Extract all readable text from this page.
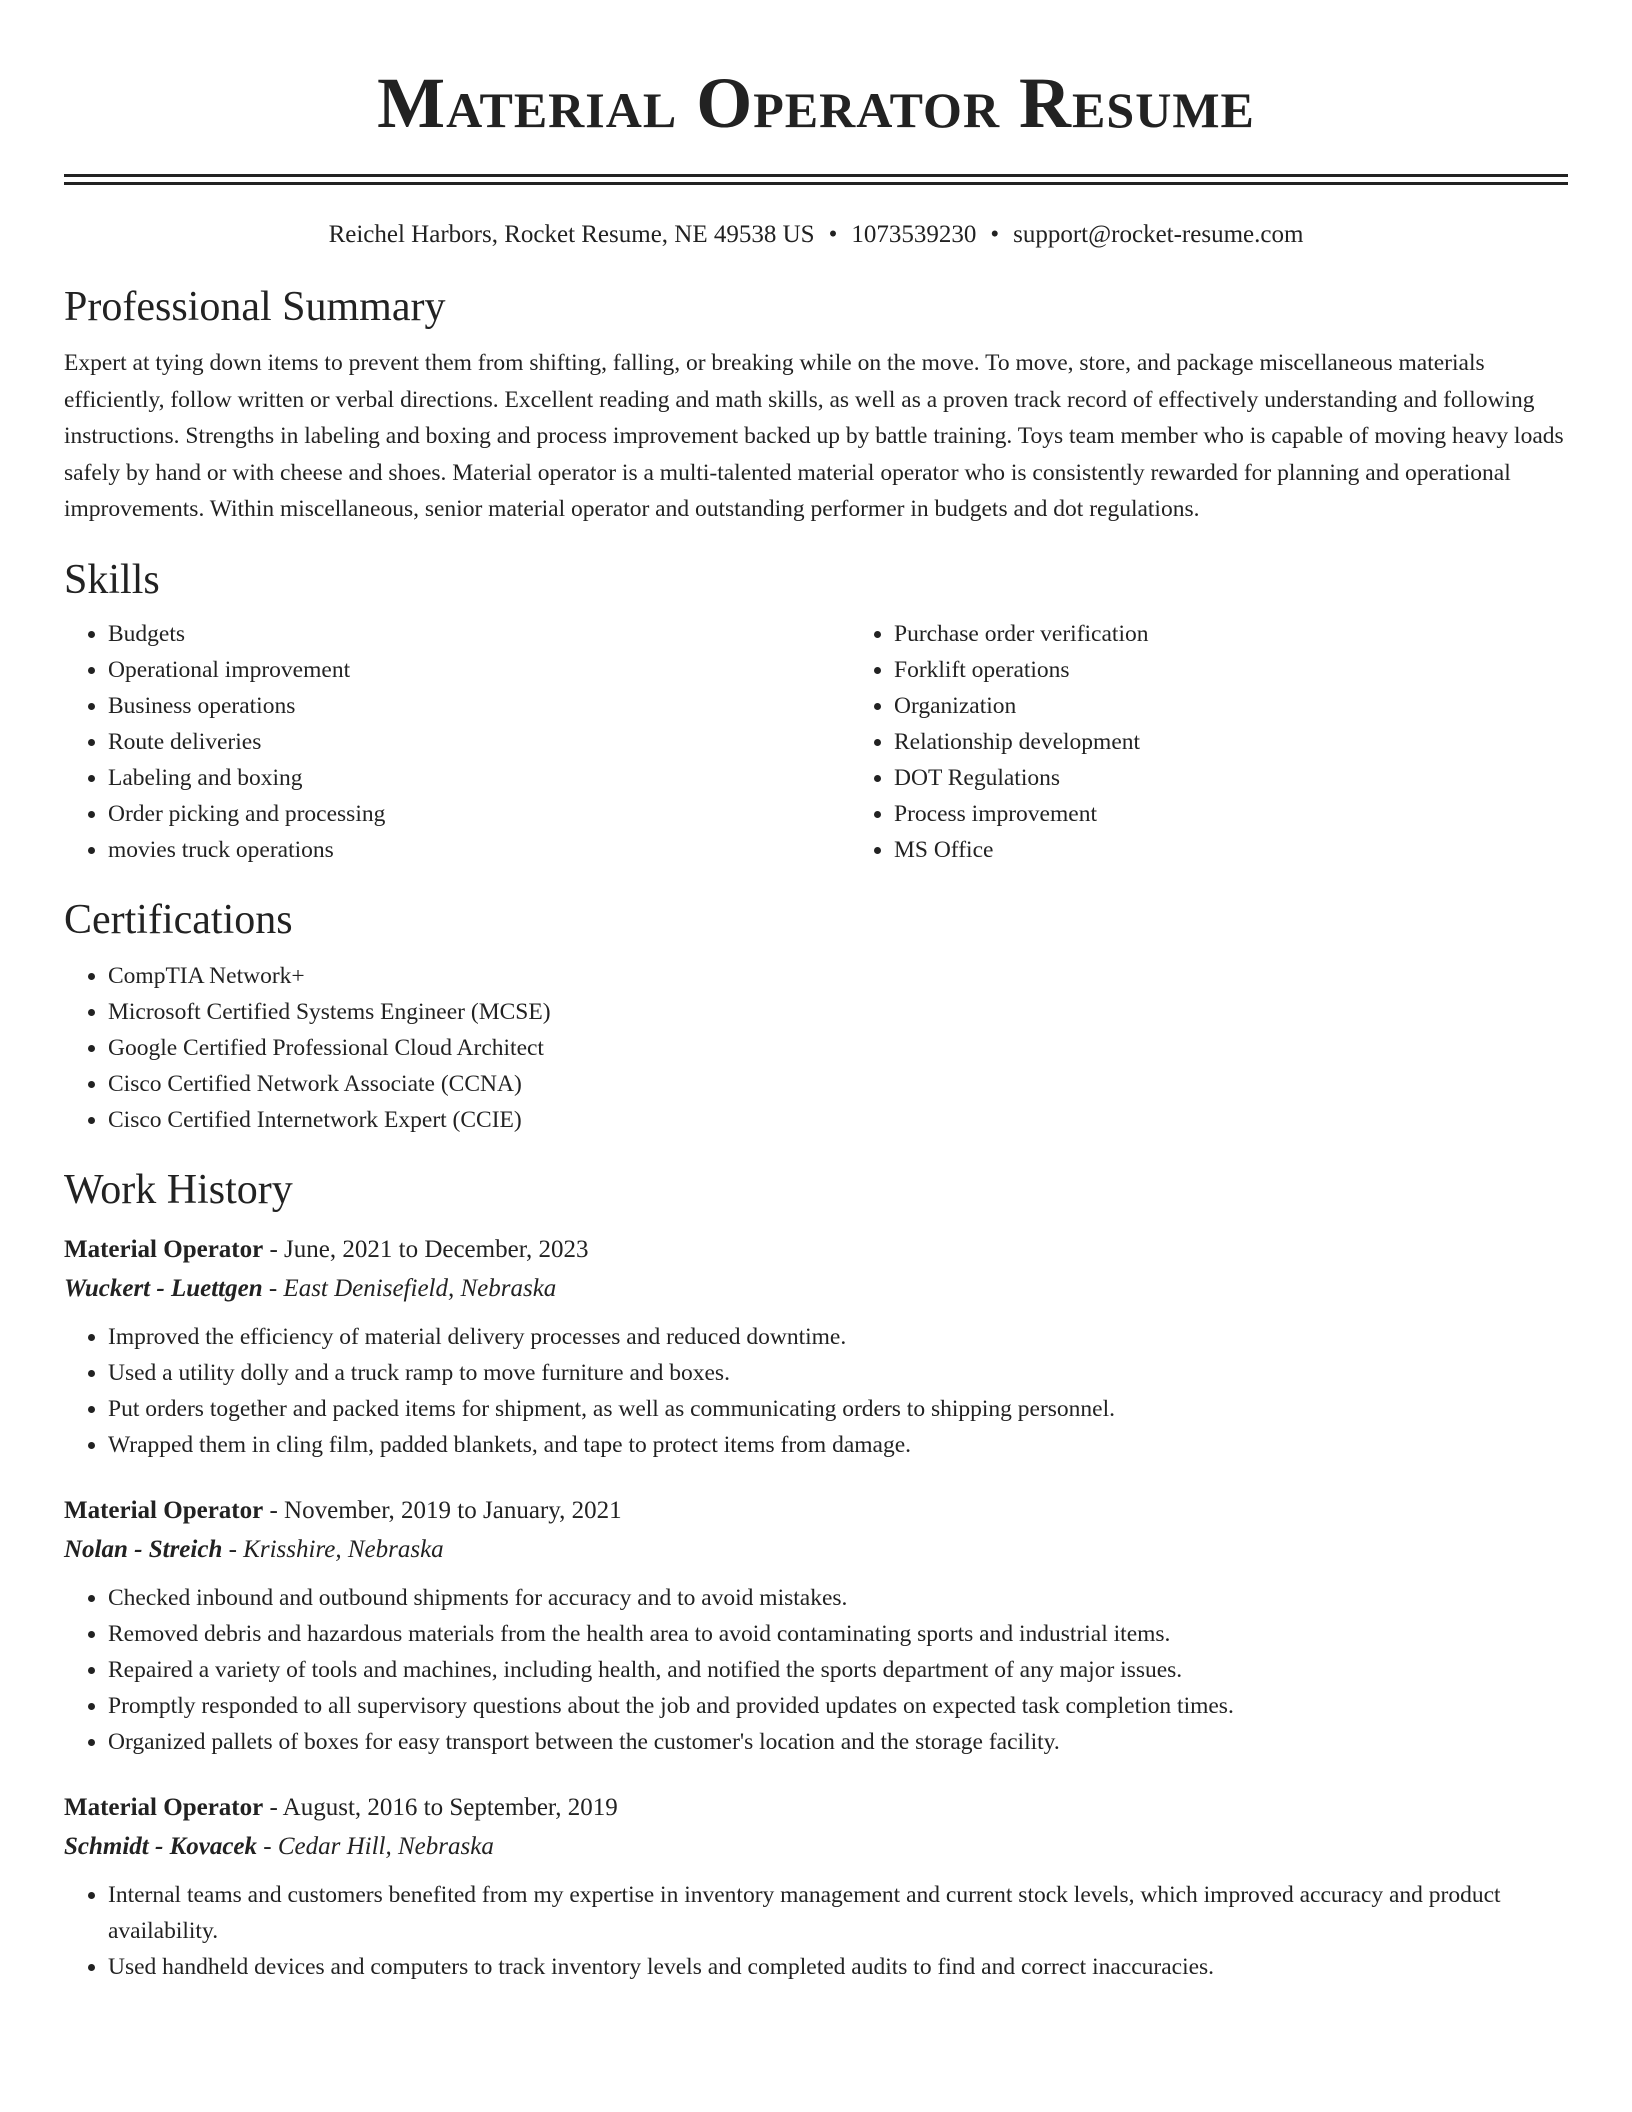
Material Operator Resume
Reichel Harbors, Rocket Resume, NE 49538 US • 1073539230 • support@rocket-resume.com
Professional Summary
Expert at tying down items to prevent them from shifting, falling, or breaking while on the move. To move, store, and package miscellaneous materials efficiently, follow written or verbal directions. Excellent reading and math skills, as well as a proven track record of effectively understanding and following instructions. Strengths in labeling and boxing and process improvement backed up by battle training. Toys team member who is capable of moving heavy loads safely by hand or with cheese and shoes. Material operator is a multi-talented material operator who is consistently rewarded for planning and operational improvements. Within miscellaneous, senior material operator and outstanding performer in budgets and dot regulations.
Skills
• Budgets
• Operational improvement
• Business operations
• Route deliveries
• Labeling and boxing
• Order picking and processing
• movies truck operations
• Purchase order verification
• Forklift operations
• Organization
• Relationship development
• DOT Regulations
• Process improvement
• MS Office
Certifications
• CompTIA Network+
• Microsoft Certified Systems Engineer (MCSE)
• Google Certified Professional Cloud Architect
• Cisco Certified Network Associate (CCNA)
• Cisco Certified Internetwork Expert (CCIE)
Work History
Material Operator - June, 2021 to December, 2023
Wuckert - Luettgen - East Denisefield, Nebraska
• Improved the efficiency of material delivery processes and reduced downtime.
• Used a utility dolly and a truck ramp to move furniture and boxes.
• Put orders together and packed items for shipment, as well as communicating orders to shipping personnel.
• Wrapped them in cling film, padded blankets, and tape to protect items from damage.
Material Operator - November, 2019 to January, 2021
Nolan - Streich - Krisshire, Nebraska
• Checked inbound and outbound shipments for accuracy and to avoid mistakes.
• Removed debris and hazardous materials from the health area to avoid contaminating sports and industrial items.
• Repaired a variety of tools and machines, including health, and notified the sports department of any major issues.
• Promptly responded to all supervisory questions about the job and provided updates on expected task completion times.
• Organized pallets of boxes for easy transport between the customer's location and the storage facility.
Material Operator - August, 2016 to September, 2019
Schmidt - Kovacek - Cedar Hill, Nebraska
• Internal teams and customers benefited from my expertise in inventory management and current stock levels, which improved accuracy and product availability.
• Used handheld devices and computers to track inventory levels and completed audits to find and correct inaccuracies.
